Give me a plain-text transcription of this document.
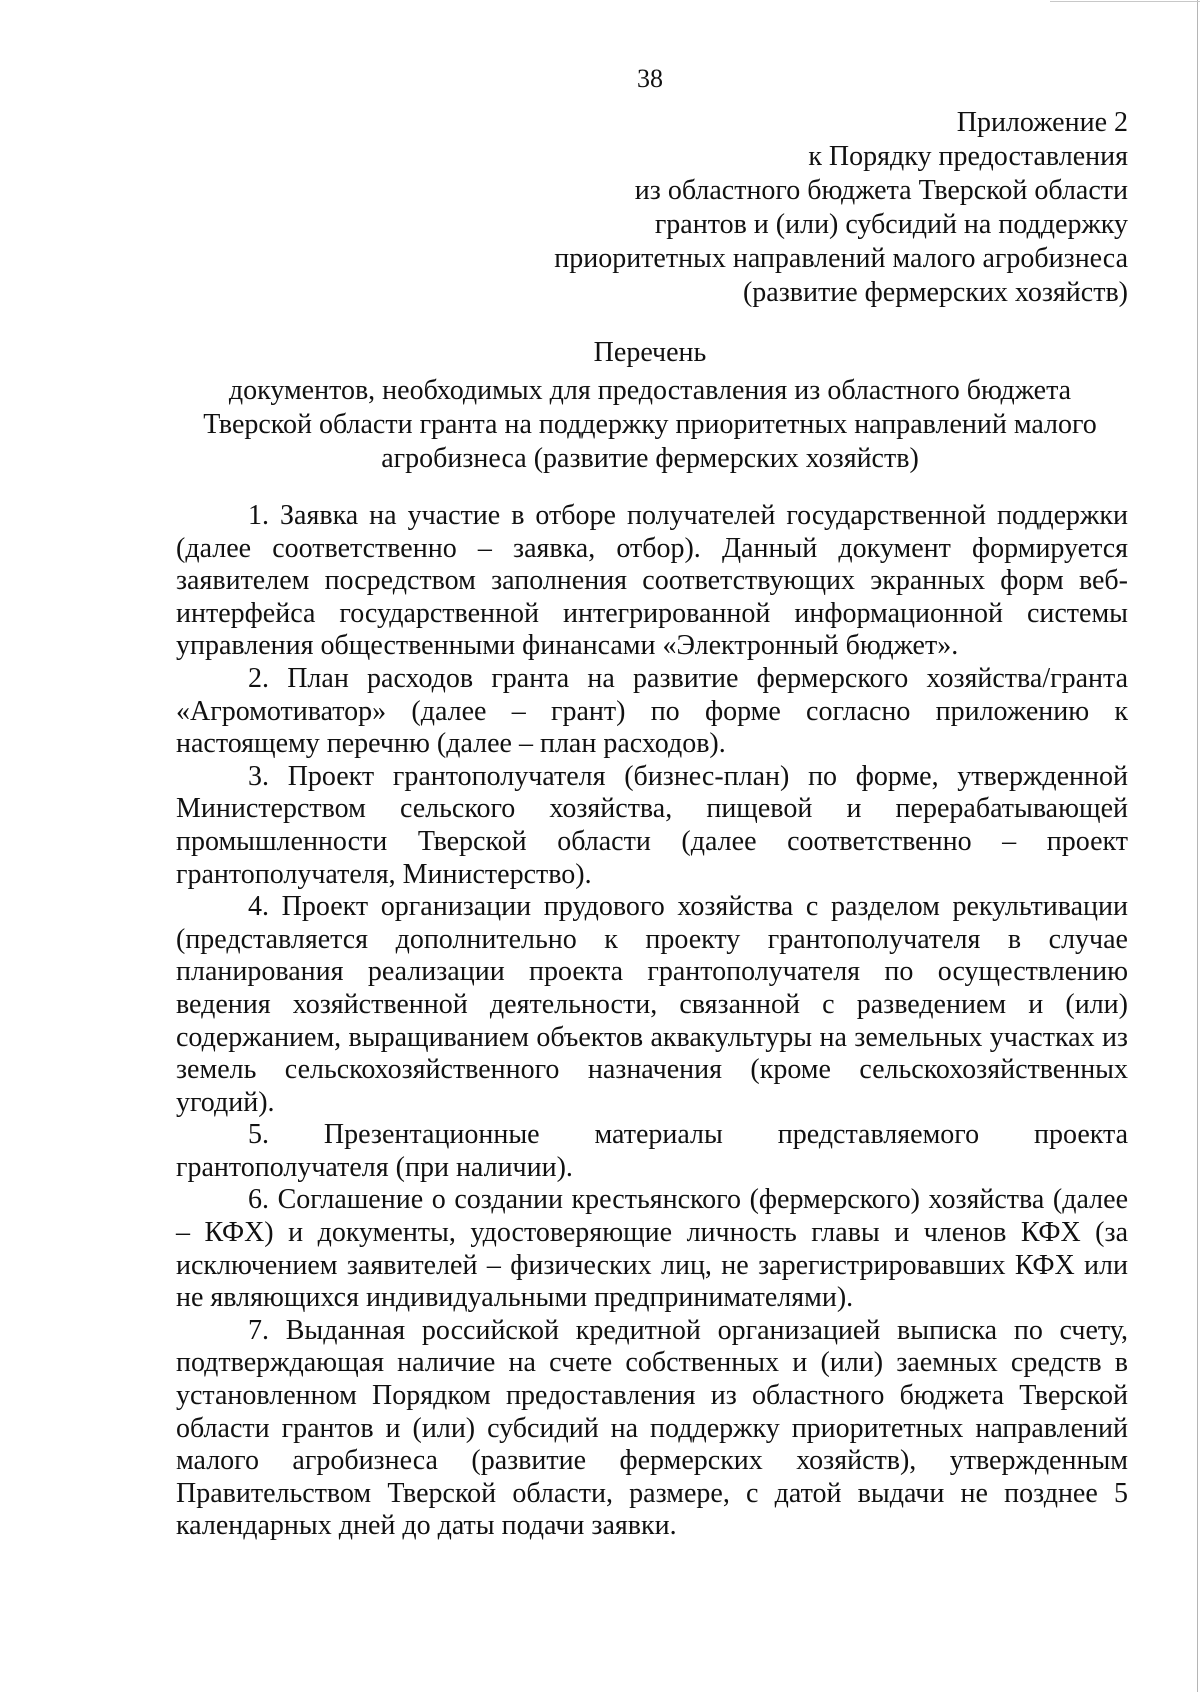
38
Приложение 2
к Порядку предоставления
из областного бюджета Тверской области
грантов и (или) субсидий на поддержку
приоритетных направлений малого агробизнеса
(развитие фермерских хозяйств)
Перечень
документов, необходимых для предоставления из областного бюджета
Тверской области гранта на поддержку приоритетных направлений малого
агробизнеса (развитие фермерских хозяйств)

1. Заявка на участие в отборе получателей государственной поддержки (далее соответственно – заявка, отбор). Данный документ формируется заявителем посредством заполнения соответствующих экранных форм веб-интерфейса государственной интегрированной информационной системы управления общественными финансами «Электронный бюджет».

2. План расходов гранта на развитие фермерского хозяйства/гранта «Агромотиватор» (далее – грант) по форме согласно приложению к настоящему перечню (далее – план расходов).

3. Проект грантополучателя (бизнес-план) по форме, утвержденной Министерством сельского хозяйства, пищевой и перерабатывающей промышленности Тверской области (далее соответственно – проект грантополучателя, Министерство).

4. Проект организации прудового хозяйства с разделом рекультивации (представляется дополнительно к проекту грантополучателя в случае планирования реализации проекта грантополучателя по осуществлению ведения хозяйственной деятельности, связанной с разведением и (или) содержанием, выращиванием объектов аквакультуры на земельных участках из земель сельскохозяйственного назначения (кроме сельскохозяйственных угодий).

5. Презентационные материалы представляемого проекта грантополучателя (при наличии).

6. Соглашение о создании крестьянского (фермерского) хозяйства (далее – КФХ) и документы, удостоверяющие личность главы и членов КФХ (за исключением заявителей – физических лиц, не зарегистрировавших КФХ или не являющихся индивидуальными предпринимателями).

7. Выданная российской кредитной организацией выписка по счету, подтверждающая наличие на счете собственных и (или) заемных средств в установленном Порядком предоставления из областного бюджета Тверской области грантов и (или) субсидий на поддержку приоритетных направлений малого агробизнеса (развитие фермерских хозяйств), утвержденным Правительством Тверской области, размере, с датой выдачи не позднее 5 календарных дней до даты подачи заявки.
